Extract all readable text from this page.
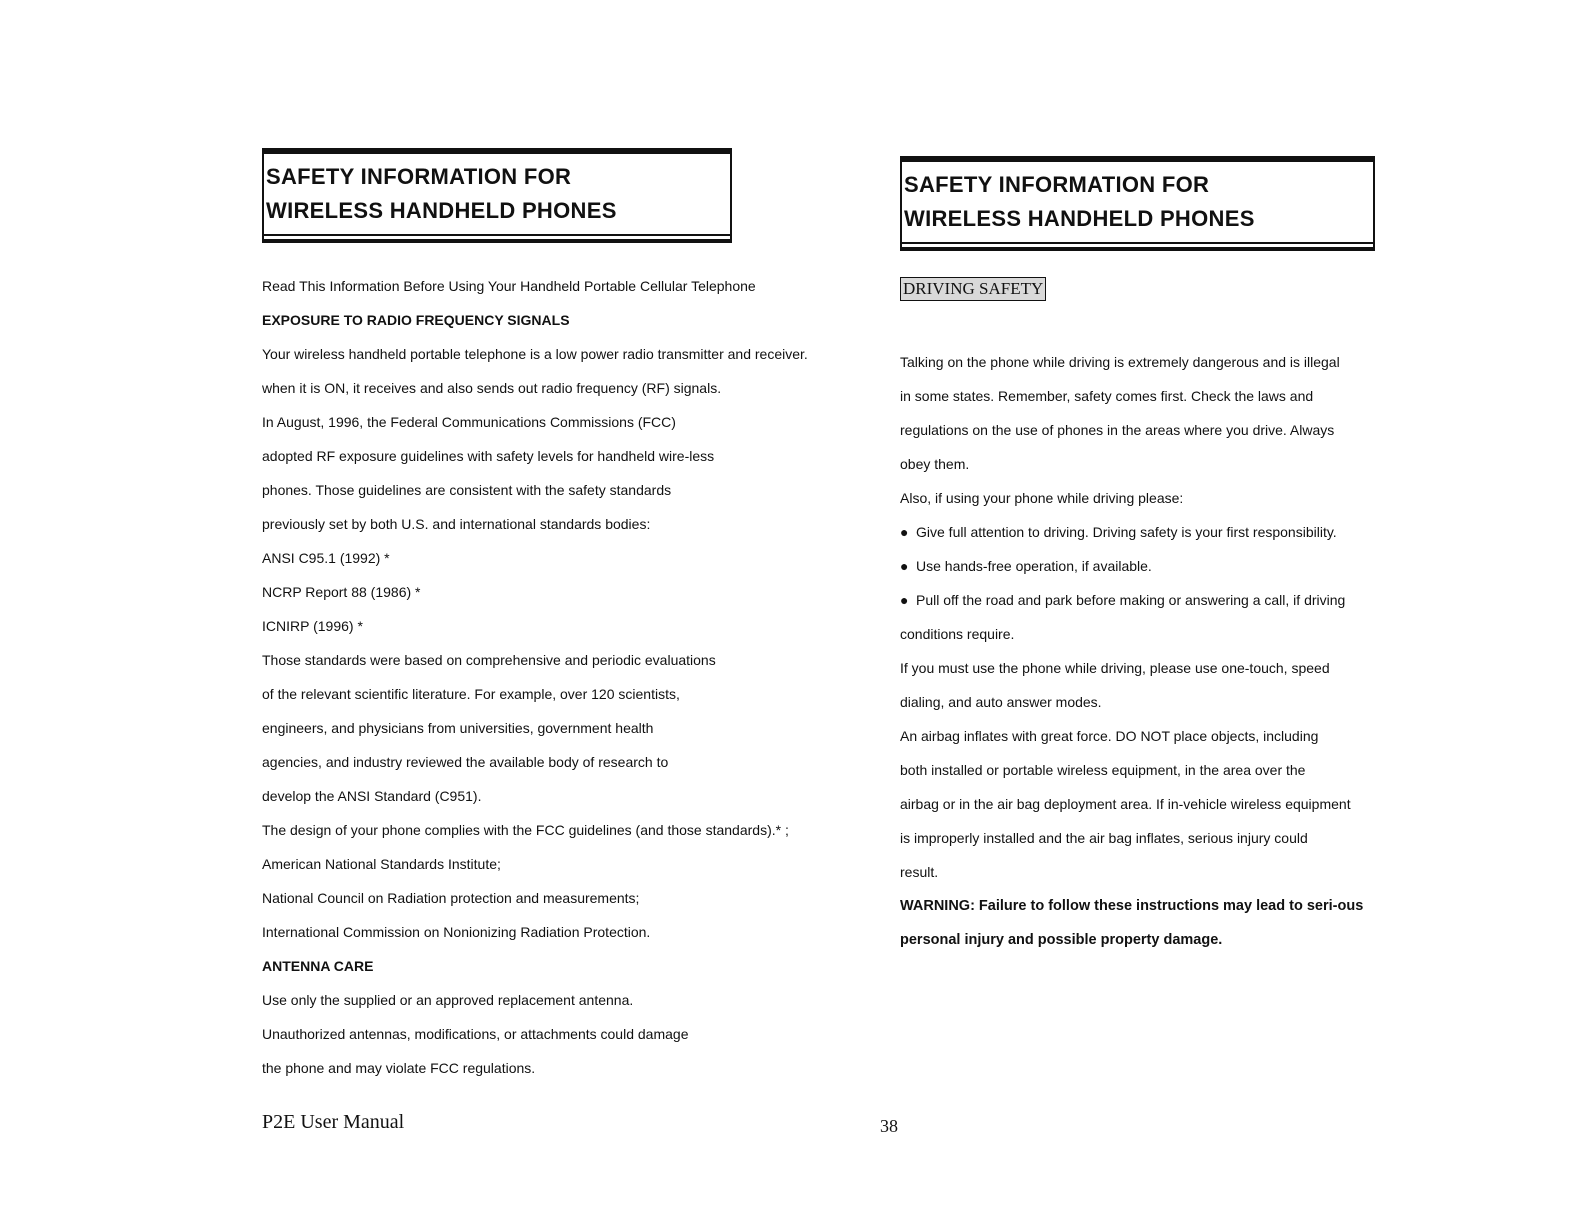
SAFETY INFORMATION FOR
WIRELESS HANDHELD PHONES
Read This Information Before Using Your Handheld Portable Cellular Telephone
EXPOSURE TO RADIO FREQUENCY SIGNALS
Your wireless handheld portable telephone is a low power radio transmitter and receiver.
when it is ON, it receives and also sends out radio frequency (RF) signals.
In August, 1996, the Federal Communications Commissions (FCC)
adopted RF exposure guidelines with safety levels for handheld wire-less
phones. Those guidelines are consistent with the safety standards
previously set by both U.S. and international standards bodies:
ANSI C95.1 (1992) *
NCRP Report 88 (1986) *
ICNIRP (1996) *
Those standards were based on comprehensive and periodic evaluations
of the relevant scientific literature. For example, over 120 scientists,
engineers, and physicians from universities, government health
agencies, and industry reviewed the available body of research to
develop the ANSI Standard (C951).
The design of your phone complies with the FCC guidelines (and those standards).* ;
American National Standards Institute;
National Council on Radiation protection and measurements;
International Commission on Nonionizing Radiation Protection.
ANTENNA CARE
Use only the supplied or an approved replacement antenna.
Unauthorized antennas, modifications, or attachments could damage
the phone and may violate FCC regulations.
SAFETY INFORMATION FOR
WIRELESS HANDHELD PHONES
DRIVING SAFETY
Talking on the phone while driving is extremely dangerous and is illegal
in some states. Remember, safety comes first. Check the laws and
regulations on the use of phones in the areas where you drive. Always
obey them.
Also, if using your phone while driving please:
● Give full attention to driving. Driving safety is your first responsibility.
● Use hands-free operation, if available.
● Pull off the road and park before making or answering a call, if driving
conditions require.
If you must use the phone while driving, please use one-touch, speed
dialing, and auto answer modes.
An airbag inflates with great force. DO NOT place objects, including
both installed or portable wireless equipment, in the area over the
airbag or in the air bag deployment area. If in-vehicle wireless equipment
is improperly installed and the air bag inflates, serious injury could
result.
WARNING: Failure to follow these instructions may lead to seri-ous
personal injury and possible property damage.
P2E User Manual	38
